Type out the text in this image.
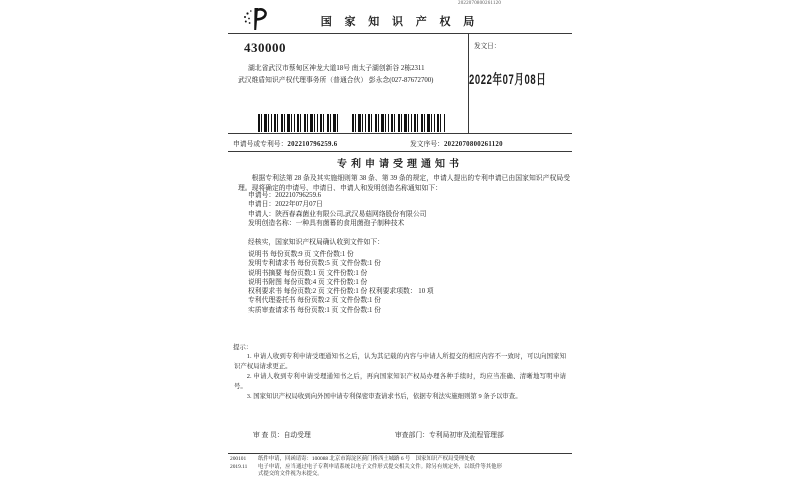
国 家 知 识 产 权 局
2022070800261120
430000
湖北省武汉市蔡甸区神龙大道18号 南太子湖创新谷 2栋2311
武汉维盾知识产权代理事务所（普通合伙） 彭永念(027-87672700)
发文日：
2022年07月08日
申请号或专利号：202210796259.6	发文序号：2022070800261120
专利申请受理通知书
根据专利法第 28 条及其实施细则第 38 条、第 39 条的规定，申请人提出的专利申请已由国家知识产权局受理。现将确定的申请号、申请日、申请人和发明创造名称通知如下：
申请号：202210796259.6
申请日：2022年07月07日
申请人：陕西春森菌业有限公司,武汉易菇网络股份有限公司
发明创造名称：一种具有菌幕的食用菌孢子制种技术
经核实，国家知识产权局确认收到文件如下：
说明书 每份页数:9 页 文件份数:1 份
发明专利请求书 每份页数:5 页 文件份数:1 份
说明书摘要 每份页数:1 页 文件份数:1 份
说明书附图 每份页数:4 页 文件份数:1 份
权利要求书 每份页数:2 页 文件份数:1 份 权利要求项数： 10 项
专利代理委托书 每份页数:2 页 文件份数:1 份
实质审查请求书 每份页数:1 页 文件份数:1 份
提示：

1. 申请人收到专利申请受理通知书之后，认为其记载的内容与申请人所提交的相应内容不一致时，可以向国家知识产权局请求更正。

2. 申请人收到专利申请受理通知书之后，再向国家知识产权局办理各种手续时，均应当准确、清晰地写明申请号。

3. 国家知识产权局收到向外国申请专利保密审查请求书后，依据专利法实施细则第 9 条予以审查。

审 查 员：自动受理	审查部门：专利局初审及流程管理部
200101
2019.11
纸件申请，回函请寄：100088 北京市海淀区蓟门桥西土城路 6 号　国家知识产权局受理处收
电子申请，应当通过电子专利申请系统以电子文件形式提交相关文件。除另有规定外，以纸件等其他形式提交的文件视为未提交。
